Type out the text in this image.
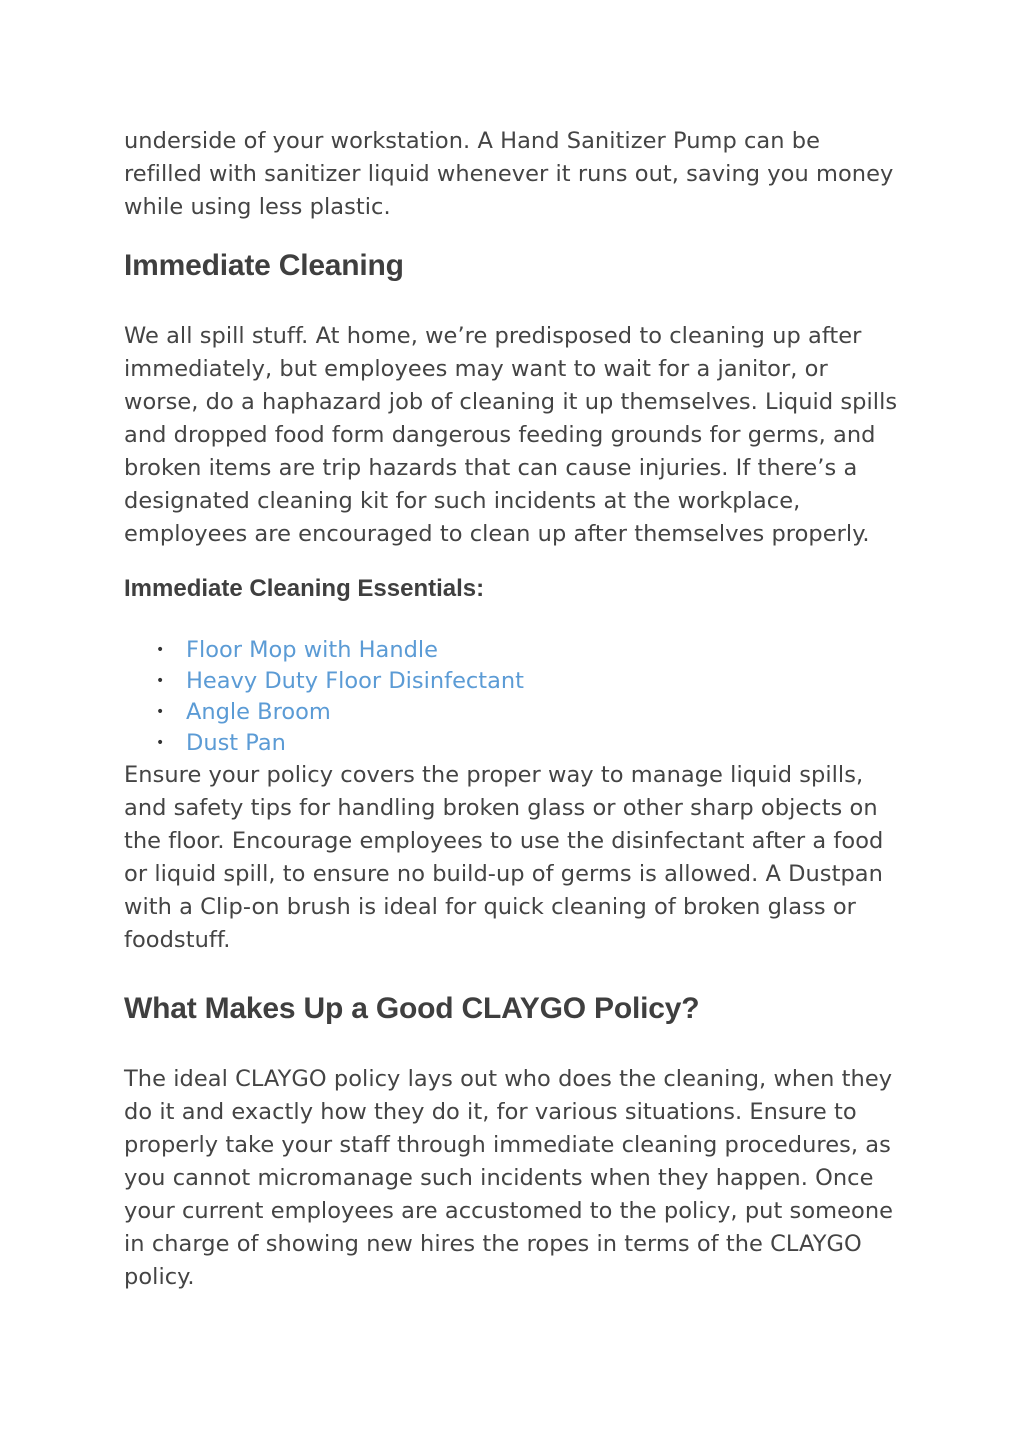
underside of your workstation. A Hand Sanitizer Pump can be refilled with sanitizer liquid whenever it runs out, saving you money while using less plastic.

Immediate Cleaning

We all spill stuff. At home, we’re predisposed to cleaning up after immediately, but employees may want to wait for a janitor, or worse, do a haphazard job of cleaning it up themselves. Liquid spills and dropped food form dangerous feeding grounds for germs, and broken items are trip hazards that can cause injuries. If there’s a designated cleaning kit for such incidents at the workplace, employees are encouraged to clean up after themselves properly.

Immediate Cleaning Essentials:
• Floor Mop with Handle
• Heavy Duty Floor Disinfectant
• Angle Broom
• Dust Pan

Ensure your policy covers the proper way to manage liquid spills, and safety tips for handling broken glass or other sharp objects on the floor. Encourage employees to use the disinfectant after a food or liquid spill, to ensure no build-up of germs is allowed. A Dustpan with a Clip-on brush is ideal for quick cleaning of broken glass or foodstuff.

What Makes Up a Good CLAYGO Policy?

The ideal CLAYGO policy lays out who does the cleaning, when they do it and exactly how they do it, for various situations. Ensure to properly take your staff through immediate cleaning procedures, as you cannot micromanage such incidents when they happen. Once your current employees are accustomed to the policy, put someone in charge of showing new hires the ropes in terms of the CLAYGO policy.
